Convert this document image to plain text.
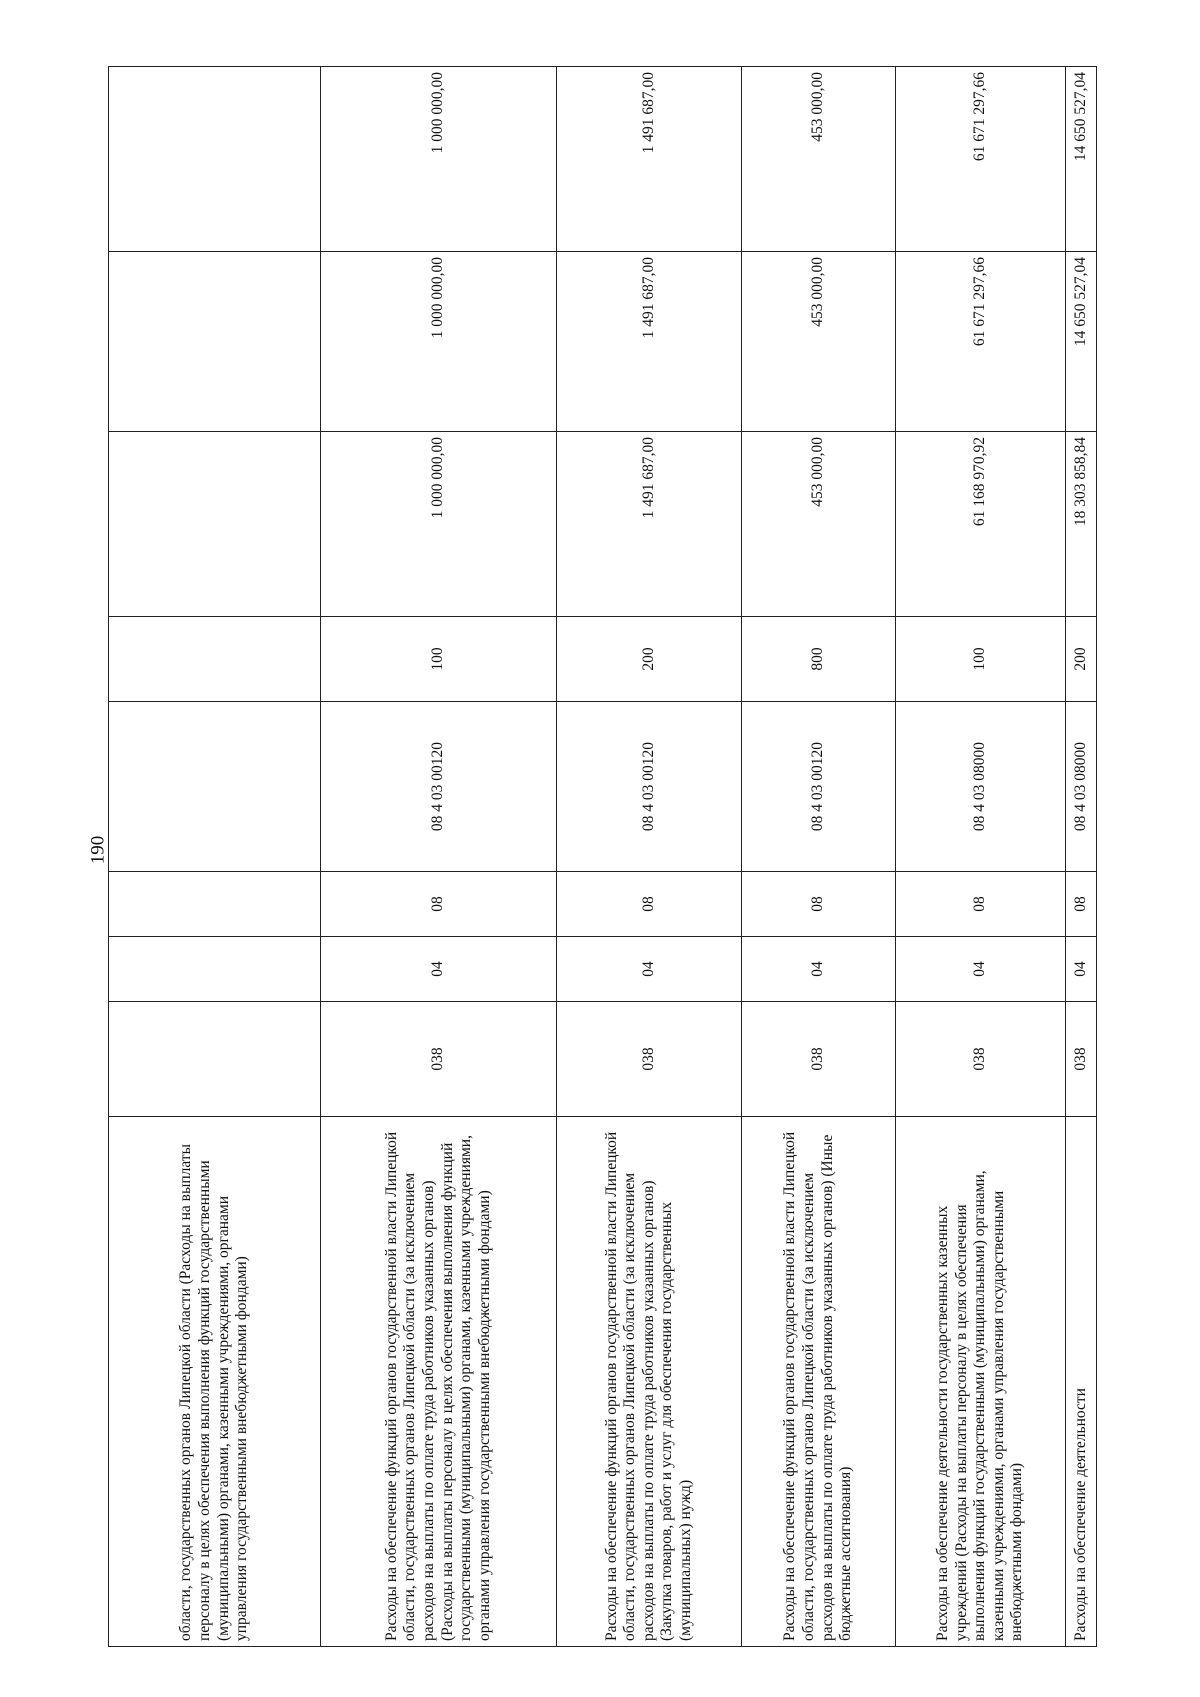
190
области, государственных органов Липецкой области (Расходы на выплаты персоналу в целях обеспечения выполнения функций государственными (муниципальными) органами, казенными учреждениями, органами управления государственными внебюджетными фондами)								
Расходы на обеспечение функций органов государственной власти Липецкой области, государственных органов Липецкой области (за исключением расходов на выплаты по оплате труда работников указанных органов) (Расходы на выплаты персоналу в целях обеспечения выполнения функций государственными (муниципальными) органами, казенными учреждениями, органами управления государственными внебюджетными фондами)	038	04	08	08 4 03 00120	100	1 000 000,00	1 000 000,00	1 000 000,00
Расходы на обеспечение функций органов государственной власти Липецкой области, государственных органов Липецкой области (за исключением расходов на выплаты по оплате труда работников указанных органов) (Закупка товаров, работ и услуг для обеспечения государственных (муниципальных) нужд)	038	04	08	08 4 03 00120	200	1 491 687,00	1 491 687,00	1 491 687,00
Расходы на обеспечение функций органов государственной власти Липецкой области, государственных органов Липецкой области (за исключением расходов на выплаты по оплате труда работников указанных органов) (Иные бюджетные ассигнования)	038	04	08	08 4 03 00120	800	453 000,00	453 000,00	453 000,00
Расходы на обеспечение деятельности государственных казенных учреждений (Расходы на выплаты персоналу в целях обеспечения выполнения функций государственными (муниципальными) органами, казенными учреждениями, органами управления государственными внебюджетными фондами)	038	04	08	08 4 03 08000	100	61 168 970,92	61 671 297,66	61 671 297,66
Расходы на обеспечение деятельности	038	04	08	08 4 03 08000	200	18 303 858,84	14 650 527,04	14 650 527,04
